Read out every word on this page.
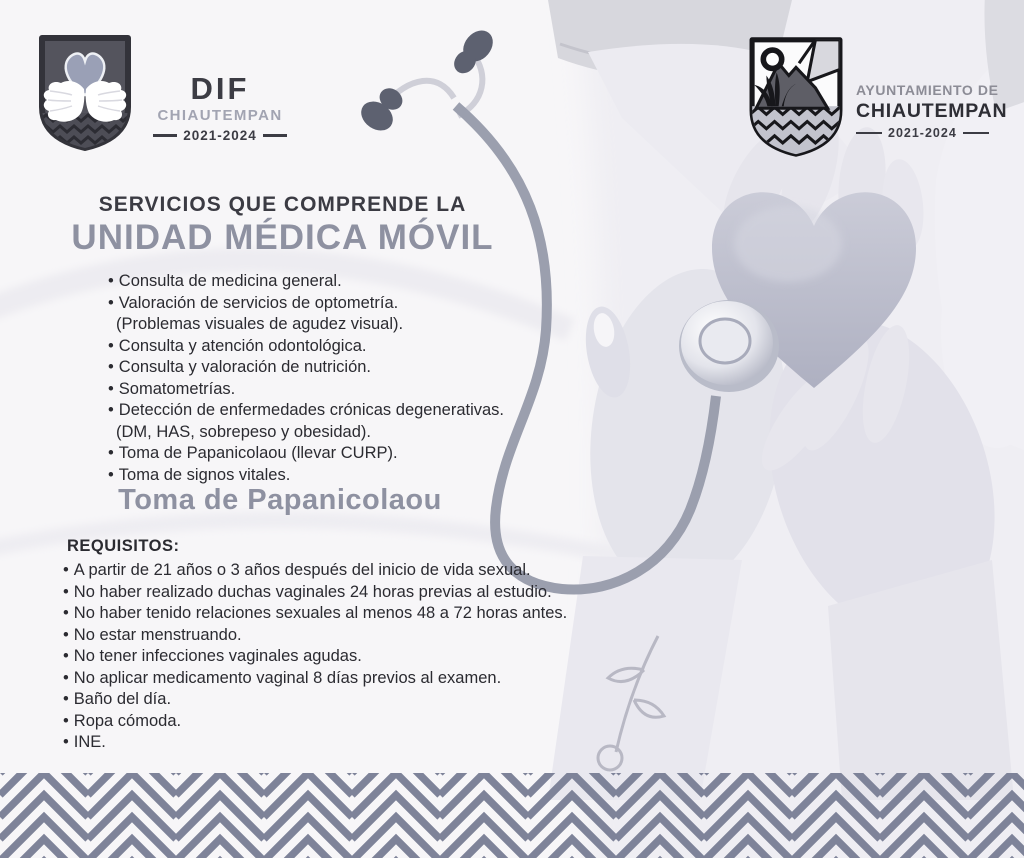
DIF
CHIAUTEMPAN
2021-2024
AYUNTAMIENTO DE
CHIAUTEMPAN
2021-2024
SERVICIOS QUE COMPRENDE LA
UNIDAD MÉDICA MÓVIL
• Consulta de medicina general.
• Valoración de servicios de optometría.
(Problemas visuales de agudez visual).
• Consulta y atención odontológica.
• Consulta y valoración de nutrición.
• Somatometrías.
• Detección de enfermedades crónicas degenerativas.
(DM, HAS, sobrepeso y obesidad).
• Toma de Papanicolaou (llevar CURP).
• Toma de signos vitales.
Toma de Papanicolaou
REQUISITOS:
• A partir de 21 años o 3 años después del inicio de vida sexual.
• No haber realizado duchas vaginales 24 horas previas al estudio.
• No haber tenido relaciones sexuales al menos 48 a 72 horas antes.
• No estar menstruando.
• No tener infecciones vaginales agudas.
• No aplicar medicamento vaginal 8 días previos al examen.
• Baño del día.
• Ropa cómoda.
• INE.
